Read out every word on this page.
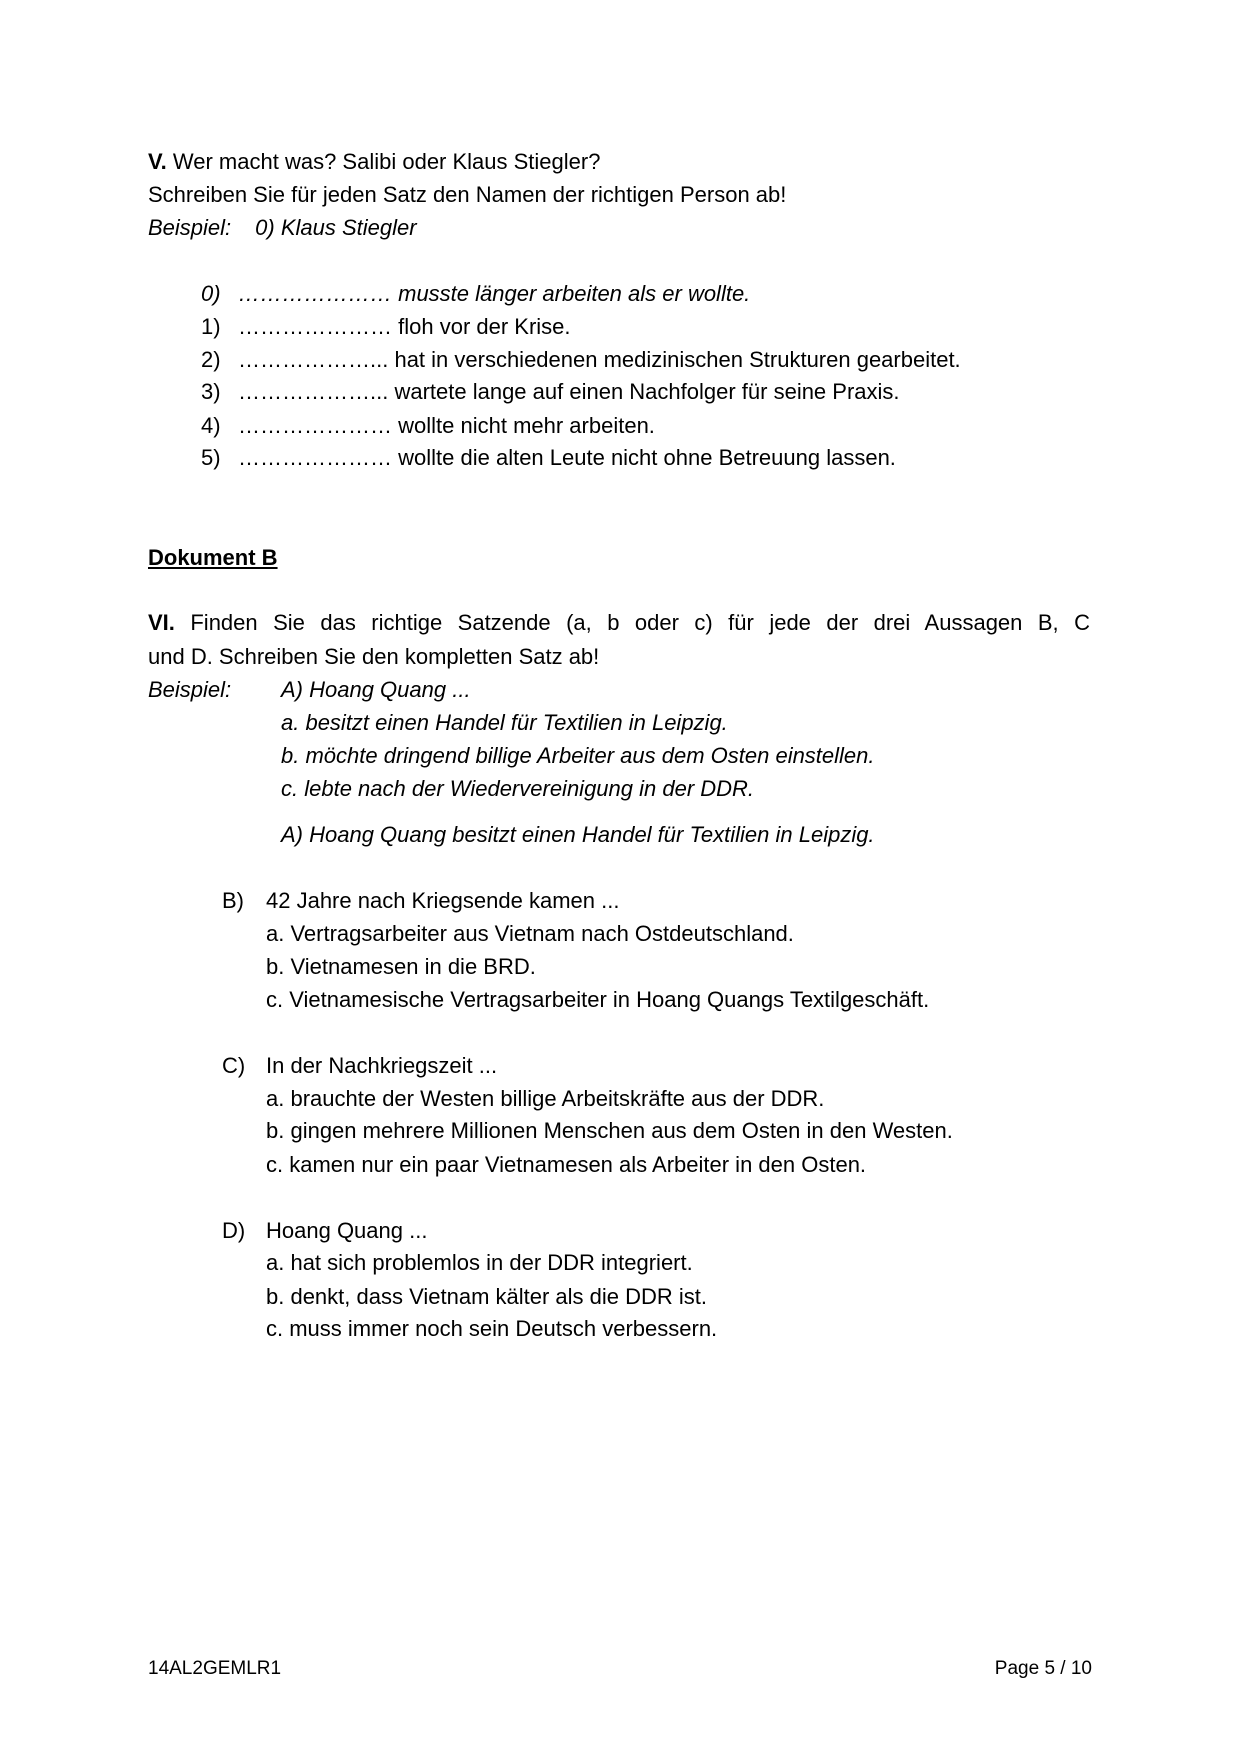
V. Wer macht was? Salibi oder Klaus Stiegler?
Schreiben Sie für jeden Satz den Namen der richtigen Person ab!
Beispiel: 0) Klaus Stiegler
0) ………………… musste länger arbeiten als er wollte.
1) ………………… floh vor der Krise.
2) ………………... hat in verschiedenen medizinischen Strukturen gearbeitet.
3) ………………... wartete lange auf einen Nachfolger für seine Praxis.
4) ………………… wollte nicht mehr arbeiten.
5) ………………… wollte die alten Leute nicht ohne Betreuung lassen.
Dokument B
VI. Finden Sie das richtige Satzende (a, b oder c) für jede der drei Aussagen B, C
und D. Schreiben Sie den kompletten Satz ab!
Beispiel: A) Hoang Quang ...
a. besitzt einen Handel für Textilien in Leipzig.
b. möchte dringend billige Arbeiter aus dem Osten einstellen.
c. lebte nach der Wiedervereinigung in der DDR.
A) Hoang Quang besitzt einen Handel für Textilien in Leipzig.
B) 42 Jahre nach Kriegsende kamen ...
a. Vertragsarbeiter aus Vietnam nach Ostdeutschland.
b. Vietnamesen in die BRD.
c. Vietnamesische Vertragsarbeiter in Hoang Quangs Textilgeschäft.
C) In der Nachkriegszeit ...
a. brauchte der Westen billige Arbeitskräfte aus der DDR.
b. gingen mehrere Millionen Menschen aus dem Osten in den Westen.
c. kamen nur ein paar Vietnamesen als Arbeiter in den Osten.
D) Hoang Quang ...
a. hat sich problemlos in der DDR integriert.
b. denkt, dass Vietnam kälter als die DDR ist.
c. muss immer noch sein Deutsch verbessern.
14AL2GEMLR1	Page 5 / 10
